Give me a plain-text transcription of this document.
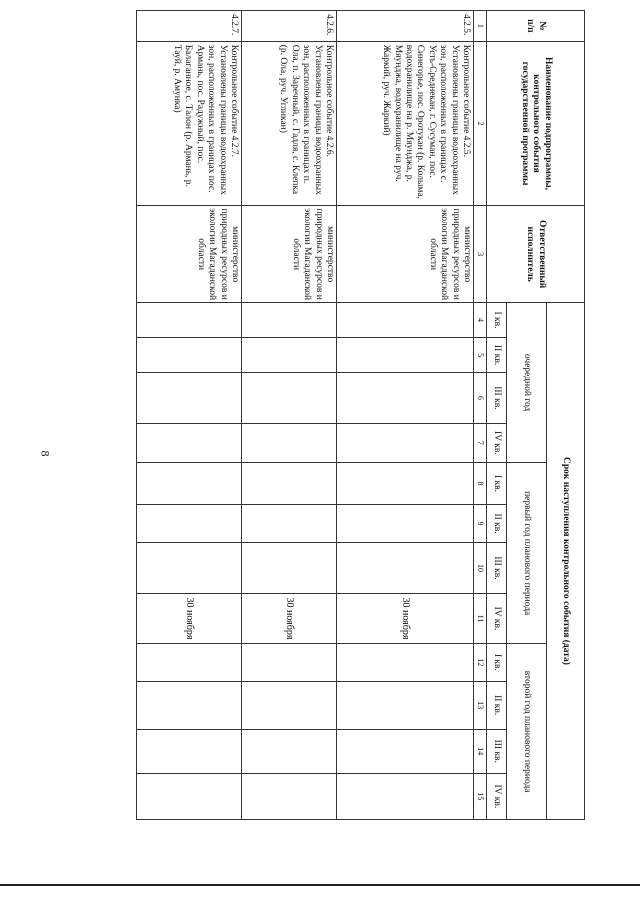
8
№
п/п	Наименование подпрограммы, контрольного события государственной программы	Ответственный исполнитель	Срок наступления контрольного события (дата)											
			очередной год				первый год планового периода				второй год планового периода			
			I кв.	II кв.	III кв.	IV кв.	I кв.	II кв.	III кв.	IV кв.	I кв.	II кв.	III кв.	IV кв.
1	2	3	4	5	6	7	8	9	10	11	12	13	14	15
4.2.5.	Контрольное событие 4.2.5. Установлены границы водоохранных зон, расположенных в границах с. Усть-Среднекан, г. Сусуман, пос. Синегорье, пос. Оротукан (р. Колыма, водохранилище на р. Мяунджа, р. Мяунджа, водохранилище на руч. Жаркий, руч. Жаркий)	министерство природных ресурсов и экологии Магаданской области								30 ноября				
4.2.6.	Контрольное событие 4.2.6. Установлены границы водоохранных зон, расположенных в границах п. Ола, п. Заречный, с. Гадля, с. Клепка (р. Ола, руч. Угликан)	министерство природных ресурсов и экологии Магаданской области								30 ноября				
4.2.7.	Контрольное событие 4.2.7. Установлены границы водоохранных зон, расположенных в границах пос. Армань, пос. Радужный, пос. Балаганное, с. Талон (р. Армань, р. Тауй, р. Амунка)	министерство природных ресурсов и экологии Магаданской области								30 ноября				
